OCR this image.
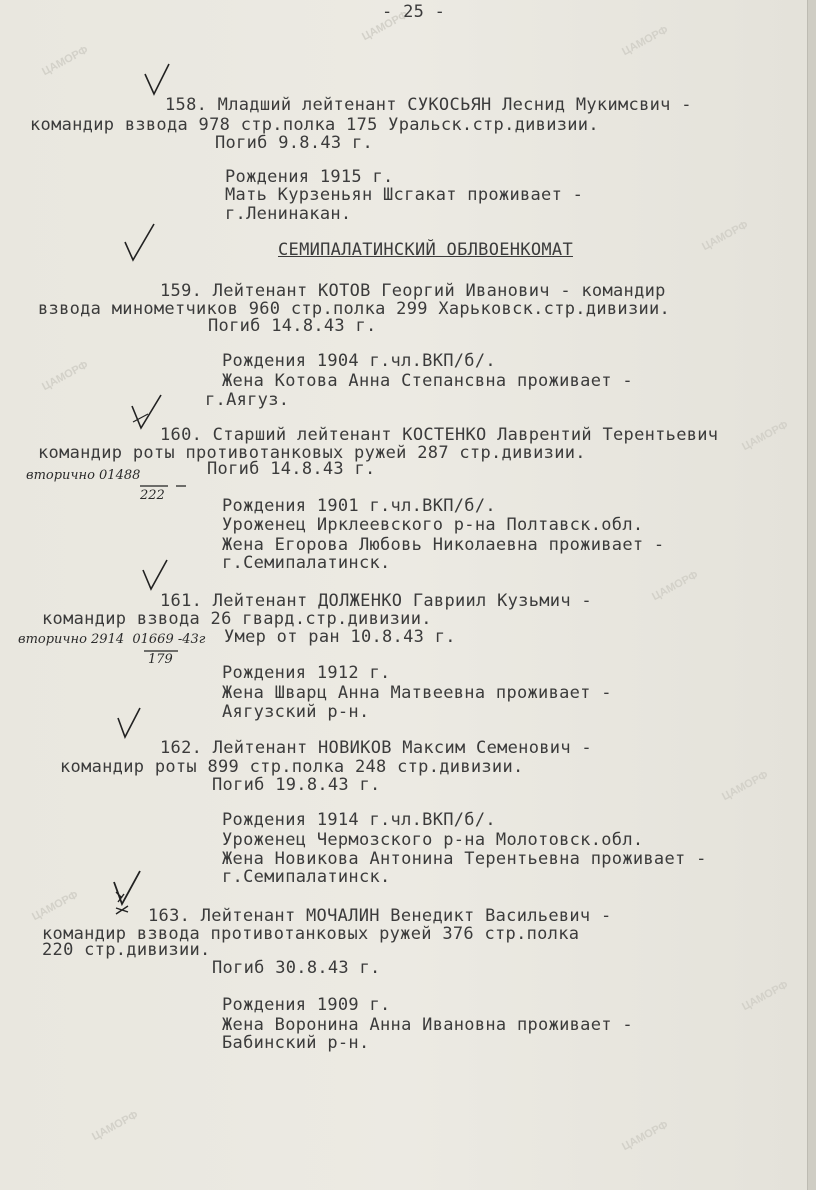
ЦАМОРФ
ЦАМОРФ	ЦАМОРФ
ЦАМОРФ
ЦАМОРФ
ЦАМОРФ
ЦАМОРФ
ЦАМОРФ
ЦАМОРФ
ЦАМОРФ
ЦАМОРФ	ЦАМОРФ
- 25 -
158. Младший лейтенант СУКОСЬЯН Леснид Мукимсвич -
командир взвода 978 стр.полка 175 Уральск.стр.дивизии.
Погиб 9.8.43 г.
Рождения 1915 г.
Мать Курзеньян Шсгакат проживает -
г.Ленинакан.
СЕМИПАЛАТИНСКИЙ ОБЛВОЕНКОМАТ
159. Лейтенант КОТОВ Георгий Иванович - командир
взвода минометчиков 960 стр.полка 299 Харьковск.стр.дивизии.
Погиб 14.8.43 г.
Рождения 1904 г.чл.ВКП/б/.
Жена Котова Анна Степансвна проживает -
г.Аягуз.
160. Старший лейтенант КОСТЕНКО Лаврентий Терентьевич
командир роты противотанковых ружей 287 стр.дивизии.
вторично 01488
222
Погиб 14.8.43 г.
Рождения 1901 г.чл.ВКП/б/.
Уроженец Ирклеевского р-на Полтавск.обл.
Жена Егорова Любовь Николаевна проживает -
г.Семипалатинск.
161. Лейтенант ДОЛЖЕНКО Гавриил Кузьмич -
командир взвода 26 гвард.стр.дивизии.
вторично 2914  01669 -43г
179
Умер от ран 10.8.43 г.
Рождения 1912 г.
Жена Шварц Анна Матвеевна проживает -
Аягузский р-н.
162. Лейтенант НОВИКОВ Максим Семенович -
командир роты 899 стр.полка 248 стр.дивизии.
Погиб 19.8.43 г.
Рождения 1914 г.чл.ВКП/б/.
Уроженец Чермозского р-на Молотовск.обл.
Жена Новикова Антонина Терентьевна проживает -
г.Семипалатинск.
163. Лейтенант МОЧАЛИН Венедикт Васильевич -
командир взвода противотанковых ружей 376 стр.полка
220 стр.дивизии.
Погиб 30.8.43 г.
Рождения 1909 г.
Жена Воронина Анна Ивановна проживает -
Бабинский р-н.
